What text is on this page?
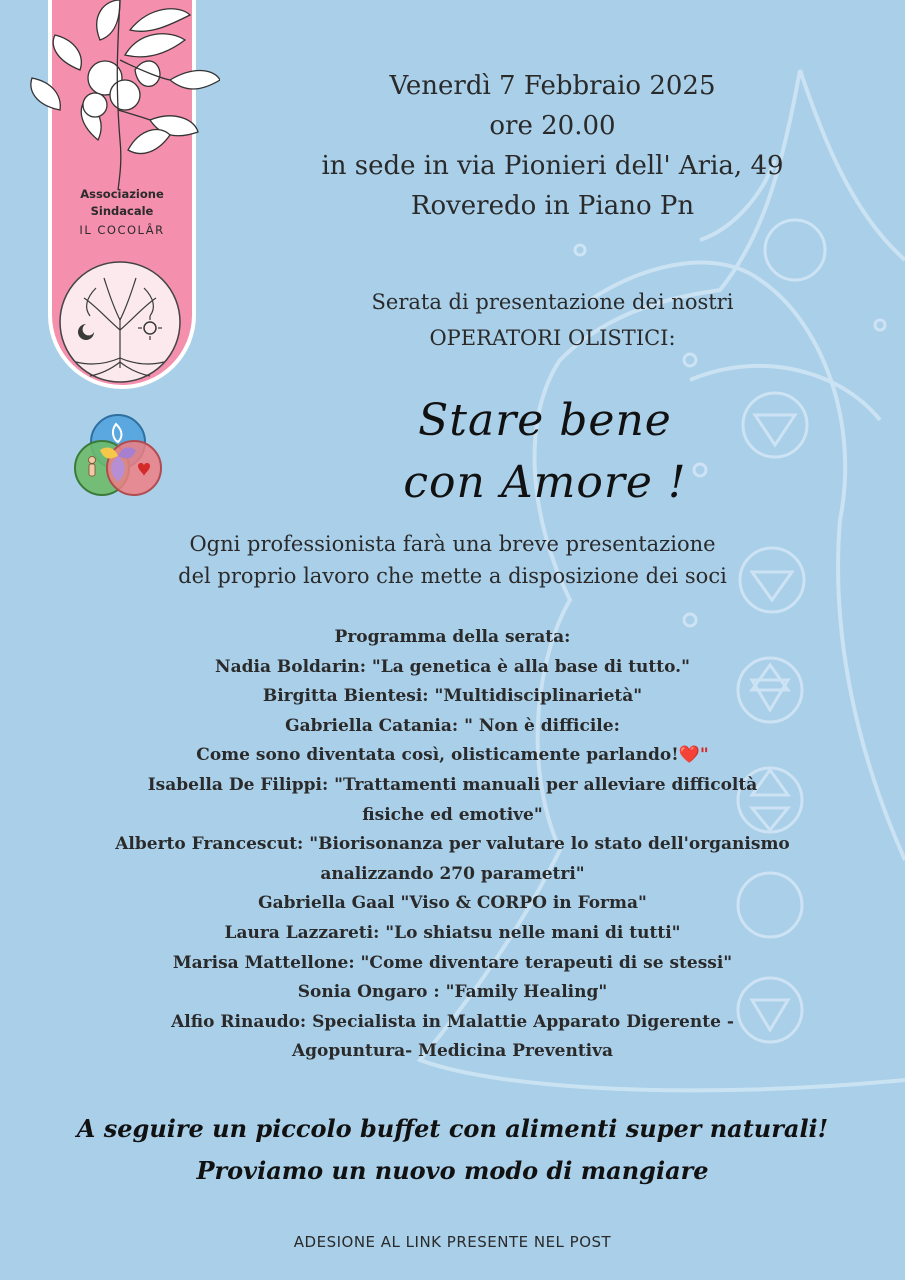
Associazione
Sindacale
IL COCOLÂR
Venerdì 7 Febbraio 2025
ore 20.00
in sede in via Pionieri dell' Aria, 49
Roveredo in Piano Pn
Serata di presentazione dei nostri
OPERATORI OLISTICI:
Stare bene
con Amore !
Ogni professionista farà una breve presentazione
del proprio lavoro che mette a disposizione dei soci
Programma della serata:
Nadia Boldarin: "La genetica è alla base di tutto."
Birgitta Bientesi: "Multidisciplinarietà"
Gabriella Catania: " Non è difficile:
Come sono diventata così, olisticamente parlando!❤️"
Isabella De Filippi: "Trattamenti manuali per alleviare difficoltà
fisiche ed emotive"
Alberto Francescut: "Biorisonanza per valutare lo stato dell'organismo
analizzando 270 parametri"
Gabriella Gaal "Viso & CORPO in Forma"
Laura Lazzareti: "Lo shiatsu nelle mani di tutti"
Marisa Mattellone: "Come diventare terapeuti di se stessi"
Sonia Ongaro : "Family Healing"
Alfio Rinaudo: Specialista in Malattie Apparato Digerente -
Agopuntura- Medicina Preventiva
A seguire un piccolo buffet con alimenti super naturali!
Proviamo un nuovo modo di mangiare
ADESIONE AL LINK PRESENTE NEL POST
